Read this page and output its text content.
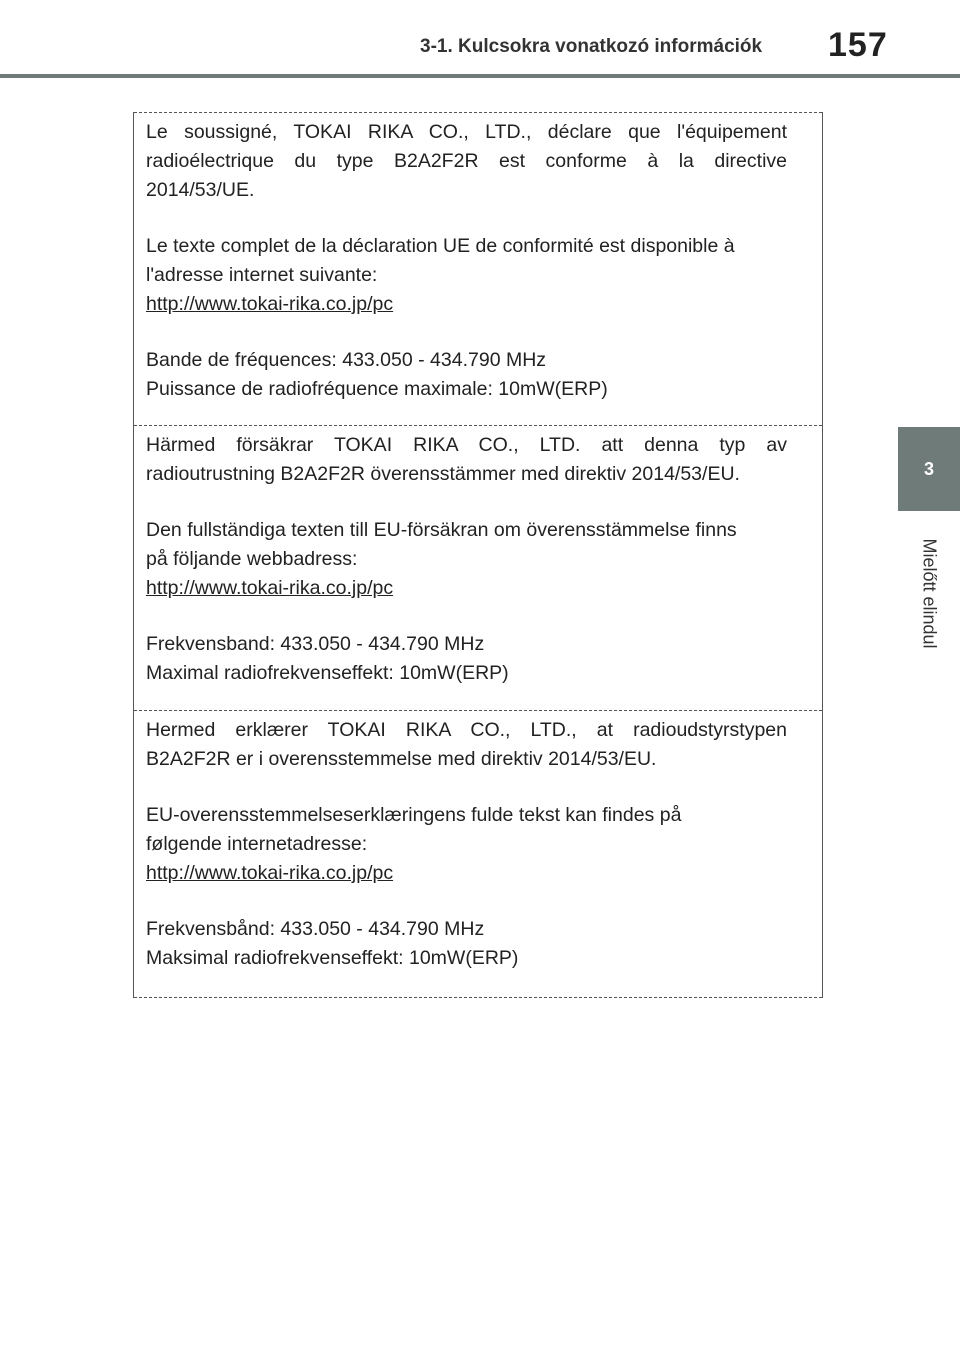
3-1. Kulcsokra vonatkozó információk	157
3
Mielőtt elindul
Le soussigné, TOKAI RIKA CO., LTD., déclare que l'équipement
radioélectrique du type B2A2F2R est conforme à la directive
2014/53/UE.
Le texte complet de la déclaration UE de conformité est disponible à
l'adresse internet suivante:
http://www.tokai-rika.co.jp/pc
Bande de fréquences: 433.050 - 434.790 MHz
Puissance de radiofréquence maximale: 10mW(ERP)
Härmed försäkrar TOKAI RIKA CO., LTD. att denna typ av
radioutrustning B2A2F2R överensstämmer med direktiv 2014/53/EU.
Den fullständiga texten till EU-försäkran om överensstämmelse finns
på följande webbadress:
http://www.tokai-rika.co.jp/pc
Frekvensband: 433.050 - 434.790 MHz
Maximal radiofrekvenseffekt: 10mW(ERP)
Hermed erklærer TOKAI RIKA CO., LTD., at radioudstyrstypen
B2A2F2R er i overensstemmelse med direktiv 2014/53/EU.
EU-overensstemmelseserklæringens fulde tekst kan findes på
følgende internetadresse:
http://www.tokai-rika.co.jp/pc
Frekvensbånd: 433.050 - 434.790 MHz
Maksimal radiofrekvenseffekt: 10mW(ERP)
